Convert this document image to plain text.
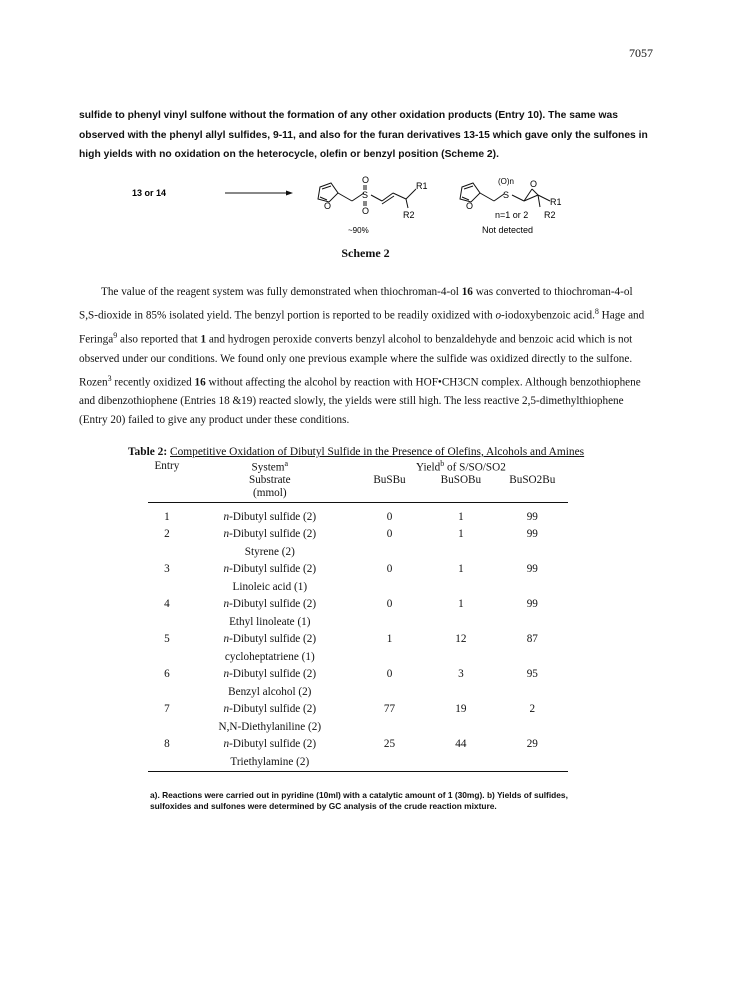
7057

sulfide to phenyl vinyl sulfone without the formation of any other oxidation products (Entry 10). The same was observed with the phenyl allyl sulfides, 9-11, and also for the furan derivatives 13-15 which gave only the sulfones in high yields with no oxidation on the heterocycle, olefin or benzyl position (Scheme 2).

13 or 14
O
S
O
O
R1
R2
~90%
O
S
(O)n O
R1
R2
n=1 or 2
Not detected
Scheme 2

The value of the reagent system was fully demonstrated when thiochroman-4-ol 16 was converted to thiochroman-4-ol S,S-dioxide in 85% isolated yield. The benzyl portion is reported to be readily oxidized with o-iodoxybenzoic acid.$^8$ Hage and Feringa$^9$ also reported that 1 and hydrogen peroxide converts benzyl alcohol to benzaldehyde and benzoic acid which is not observed under our conditions. We found only one previous example where the sulfide was oxidized directly to the sulfone. Rozen$^3$ recently oxidized 16 without affecting the alcohol by reaction with HOF•CH3CN complex. Although benzothiophene and dibenzothiophene (Entries 18 &19) reacted slowly, the yields were still high. The less reactive 2,5-dimethylthiophene (Entry 20) failed to give any product under these conditions.

Table 2: Competitive Oxidation of Dibutyl Sulfide in the Presence of Olefins, Alcohols and Amines
Entry	System$^a$	Yield$^b$ of S/SO/SO2		
	Substrate	BuSBu	BuSOBu	BuSO2Bu
	(mmol)			
1	n-Dibutyl sulfide (2)	0	1	99
2	n-Dibutyl sulfide (2)	0	1	99
	Styrene (2)			
3	n-Dibutyl sulfide (2)	0	1	99
	Linoleic acid (1)			
4	n-Dibutyl sulfide (2)	0	1	99
	Ethyl linoleate (1)			
5	n-Dibutyl sulfide (2)	1	12	87
	cycloheptatriene (1)			
6	n-Dibutyl sulfide (2)	0	3	95
	Benzyl alcohol (2)			
7	n-Dibutyl sulfide (2)	77	19	2
	N,N-Diethylaniline (2)			
8	n-Dibutyl sulfide (2)	25	44	29
	Triethylamine (2)			
a). Reactions were carried out in pyridine (10ml) with a catalytic amount of 1 (30mg). b) Yields of sulfides, sulfoxides and sulfones were determined by GC analysis of the crude reaction mixture.
